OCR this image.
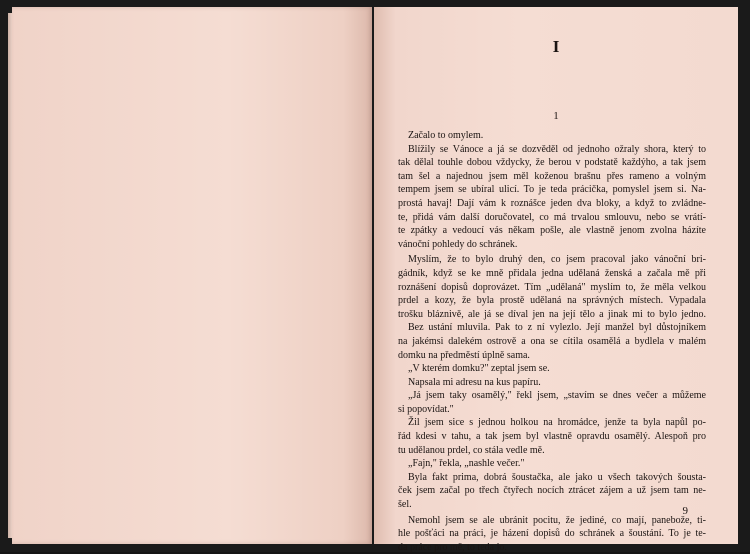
I
1
Začalo to omylem.
Blížily se Vánoce a já se dozvěděl od jednoho ožraly shora, který to
tak dělal touhle dobou vždycky, že berou v podstatě každýho, a tak jsem
tam šel a najednou jsem měl koženou brašnu přes rameno a volným
tempem jsem se ubíral ulicí. To je teda prácička, pomyslel jsem si. Na-
prostá havaj! Dají vám k roznášce jeden dva bloky, a když to zvládne-
te, přidá vám další doručovatel, co má trvalou smlouvu, nebo se vrátí-
te zpátky a vedoucí vás někam pošle, ale vlastně jenom zvolna házíte
vánoční pohledy do schránek.
Myslím, že to bylo druhý den, co jsem pracoval jako vánoční bri-
gádník, když se ke mně přidala jedna udělaná ženská a začala mě při
roznášení dopisů doprovázet. Tím „udělaná" myslím to, že měla velkou
prdel a kozy, že byla prostě udělaná na správných místech. Vypadala
trošku bláznivě, ale já se díval jen na její tělo a jinak mi to bylo jedno.
Bez ustání mluvila. Pak to z ní vylezlo. Její manžel byl důstojníkem
na jakémsi dalekém ostrově a ona se cítila osamělá a bydlela v malém
domku na předměstí úplně sama.
„V kterém domku?" zeptal jsem se.
Napsala mi adresu na kus papíru.
„Já jsem taky osamělý," řekl jsem, „stavím se dnes večer a můžeme
si popovídat."
Žil jsem sice s jednou holkou na hromádce, jenže ta byla napůl po-
řád kdesi v tahu, a tak jsem byl vlastně opravdu osamělý. Alespoň pro
tu udělanou prdel, co stála vedle mě.
„Fajn," řekla, „nashle večer."
Byla fakt prima, dobrá šoustačka, ale jako u všech takových šousta-
ček jsem začal po třech čtyřech nocích ztrácet zájem a už jsem tam ne-
šel.
Nemohl jsem se ale ubránit pocitu, že jediné, co mají, panebože, ti-
hle pošťáci na práci, je házení dopisů do schránek a šoustání. To je te-
da práce pro mě, to teda jo.
9
